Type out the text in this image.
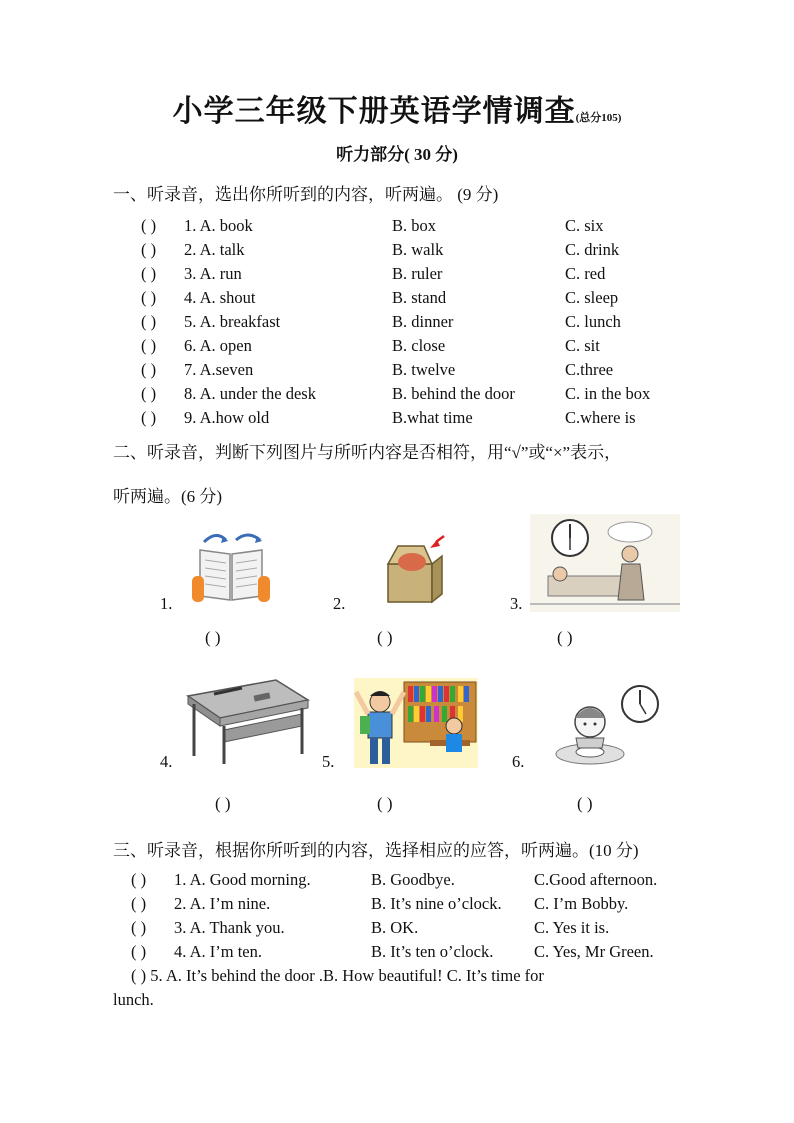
小学三年级下册英语学情调查(总分105)
听力部分( 30 分)
一、听录音，选出你所听到的内容，听两遍。 (9 分)
( ) 1. A. book	B. box	C. six
( ) 2. A. talk	B. walk	C. drink
( ) 3. A. run	B. ruler	C. red
( ) 4. A. shout	B. stand	C. sleep
( ) 5. A. breakfast	B. dinner	C. lunch
( ) 6. A. open	B. close	C. sit
( ) 7. A.seven	B. twelve	C.three
( ) 8. A. under the desk	B. behind the door	C. in the box
( ) 9. A.how old	B.what time	C.where is
二、听录音，判断下列图片与所听内容是否相符，用“√”或“×”表示，
听两遍。(6 分)
1.
( )
2.
( )
3.
( )
4.
( )
5.
( )
6.
( )
三、听录音，根据你所听到的内容，选择相应的应答，听两遍。(10 分)
( ) 1. A. Good morning.	B. Goodbye.	C.Good afternoon.
( ) 2. A. I’m nine.	B. It’s nine o’clock. C. I’m Bobby.
( ) 3. A. Thank you.	B. OK.	C. Yes it is.
( ) 4. A. I’m ten.	B. It’s ten o’clock. C. Yes, Mr Green.
( ) 5. A. It’s behind the door .B. How beautiful! C. It’s time for
lunch.
